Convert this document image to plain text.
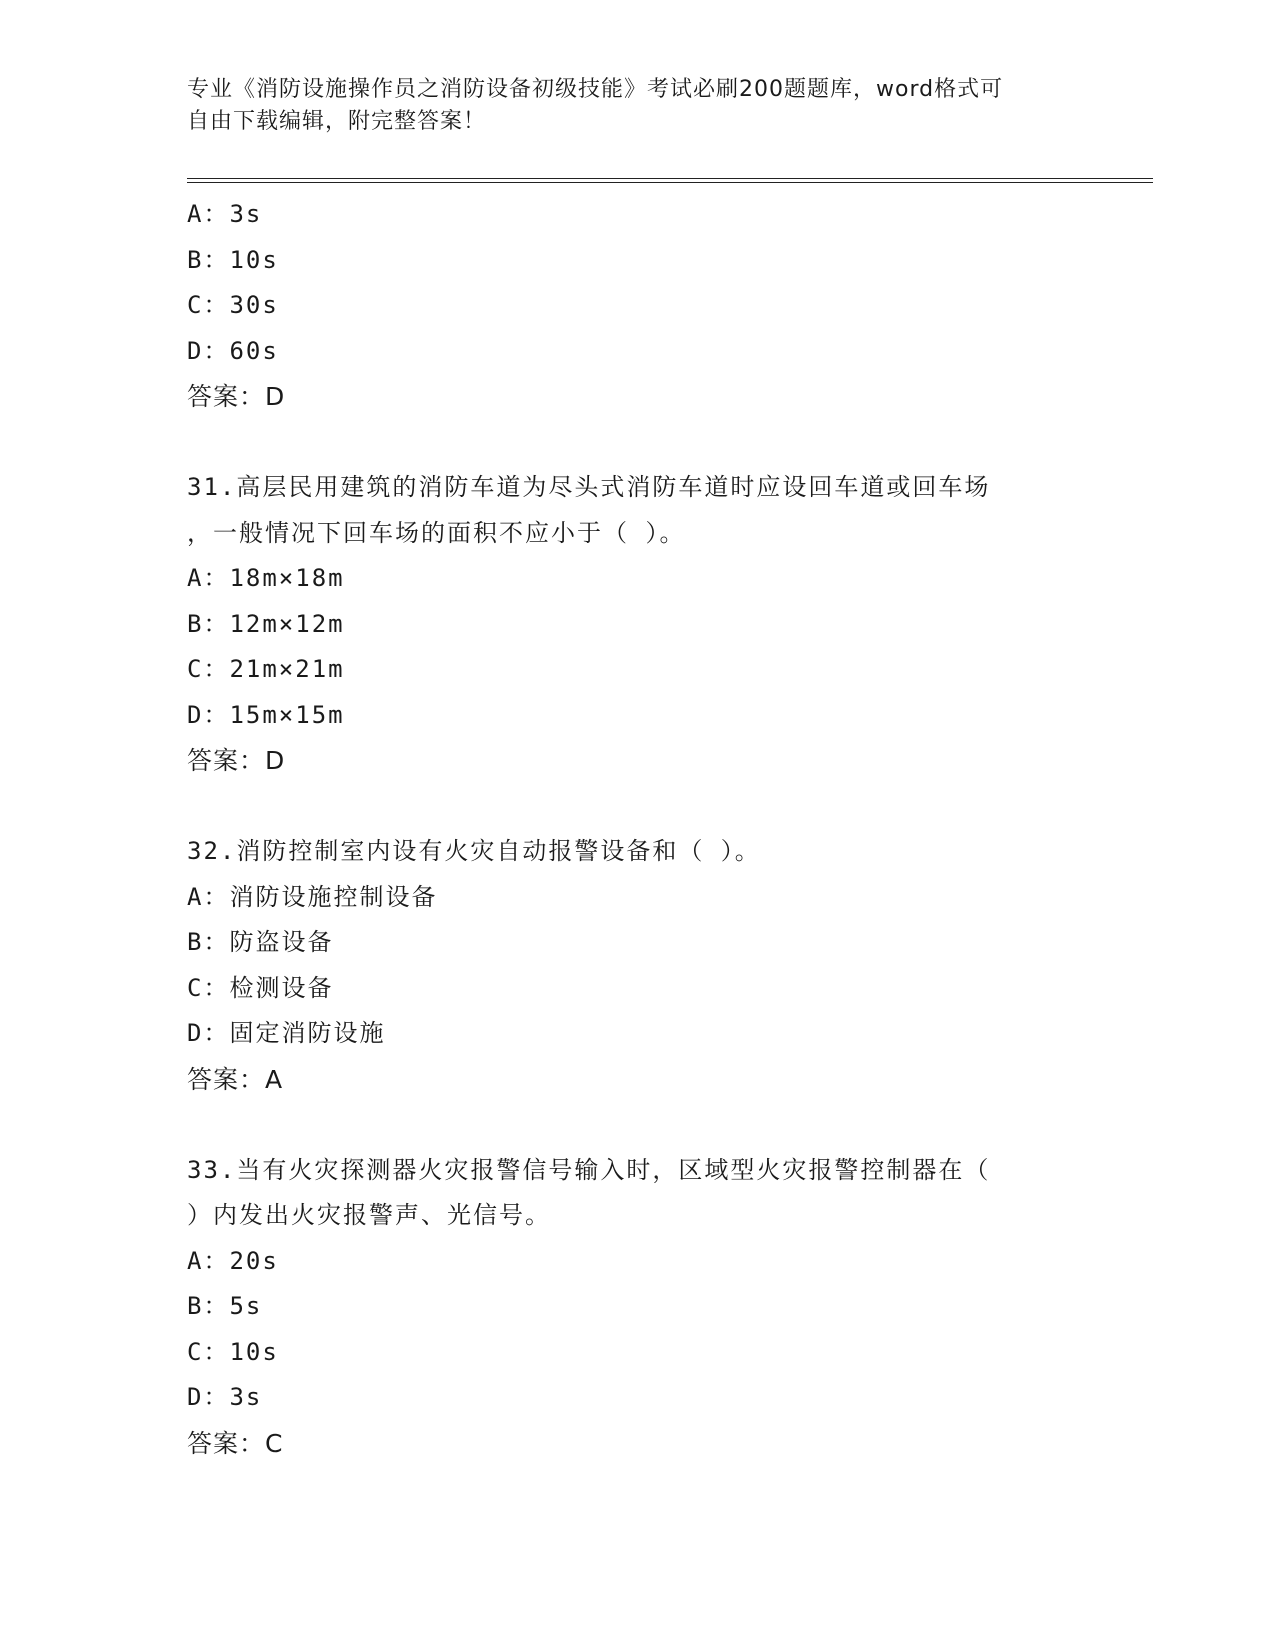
专业《消防设施操作员之消防设备初级技能》考试必刷200题题库，word格式可
自由下载编辑，附完整答案！
A：3s
B：10s
C：30s
D：60s
答案：D
31.高层民用建筑的消防车道为尽头式消防车道时应设回车道或回车场
，一般情况下回车场的面积不应小于（ ）。
A：18m×18m
B：12m×12m
C：21m×21m
D：15m×15m
答案：D
32.消防控制室内设有火灾自动报警设备和（ ）。
A：消防设施控制设备
B：防盗设备
C：检测设备
D：固定消防设施
答案：A
33.当有火灾探测器火灾报警信号输入时，区域型火灾报警控制器在（
）内发出火灾报警声、光信号。
A：20s
B：5s
C：10s
D：3s
答案：C
